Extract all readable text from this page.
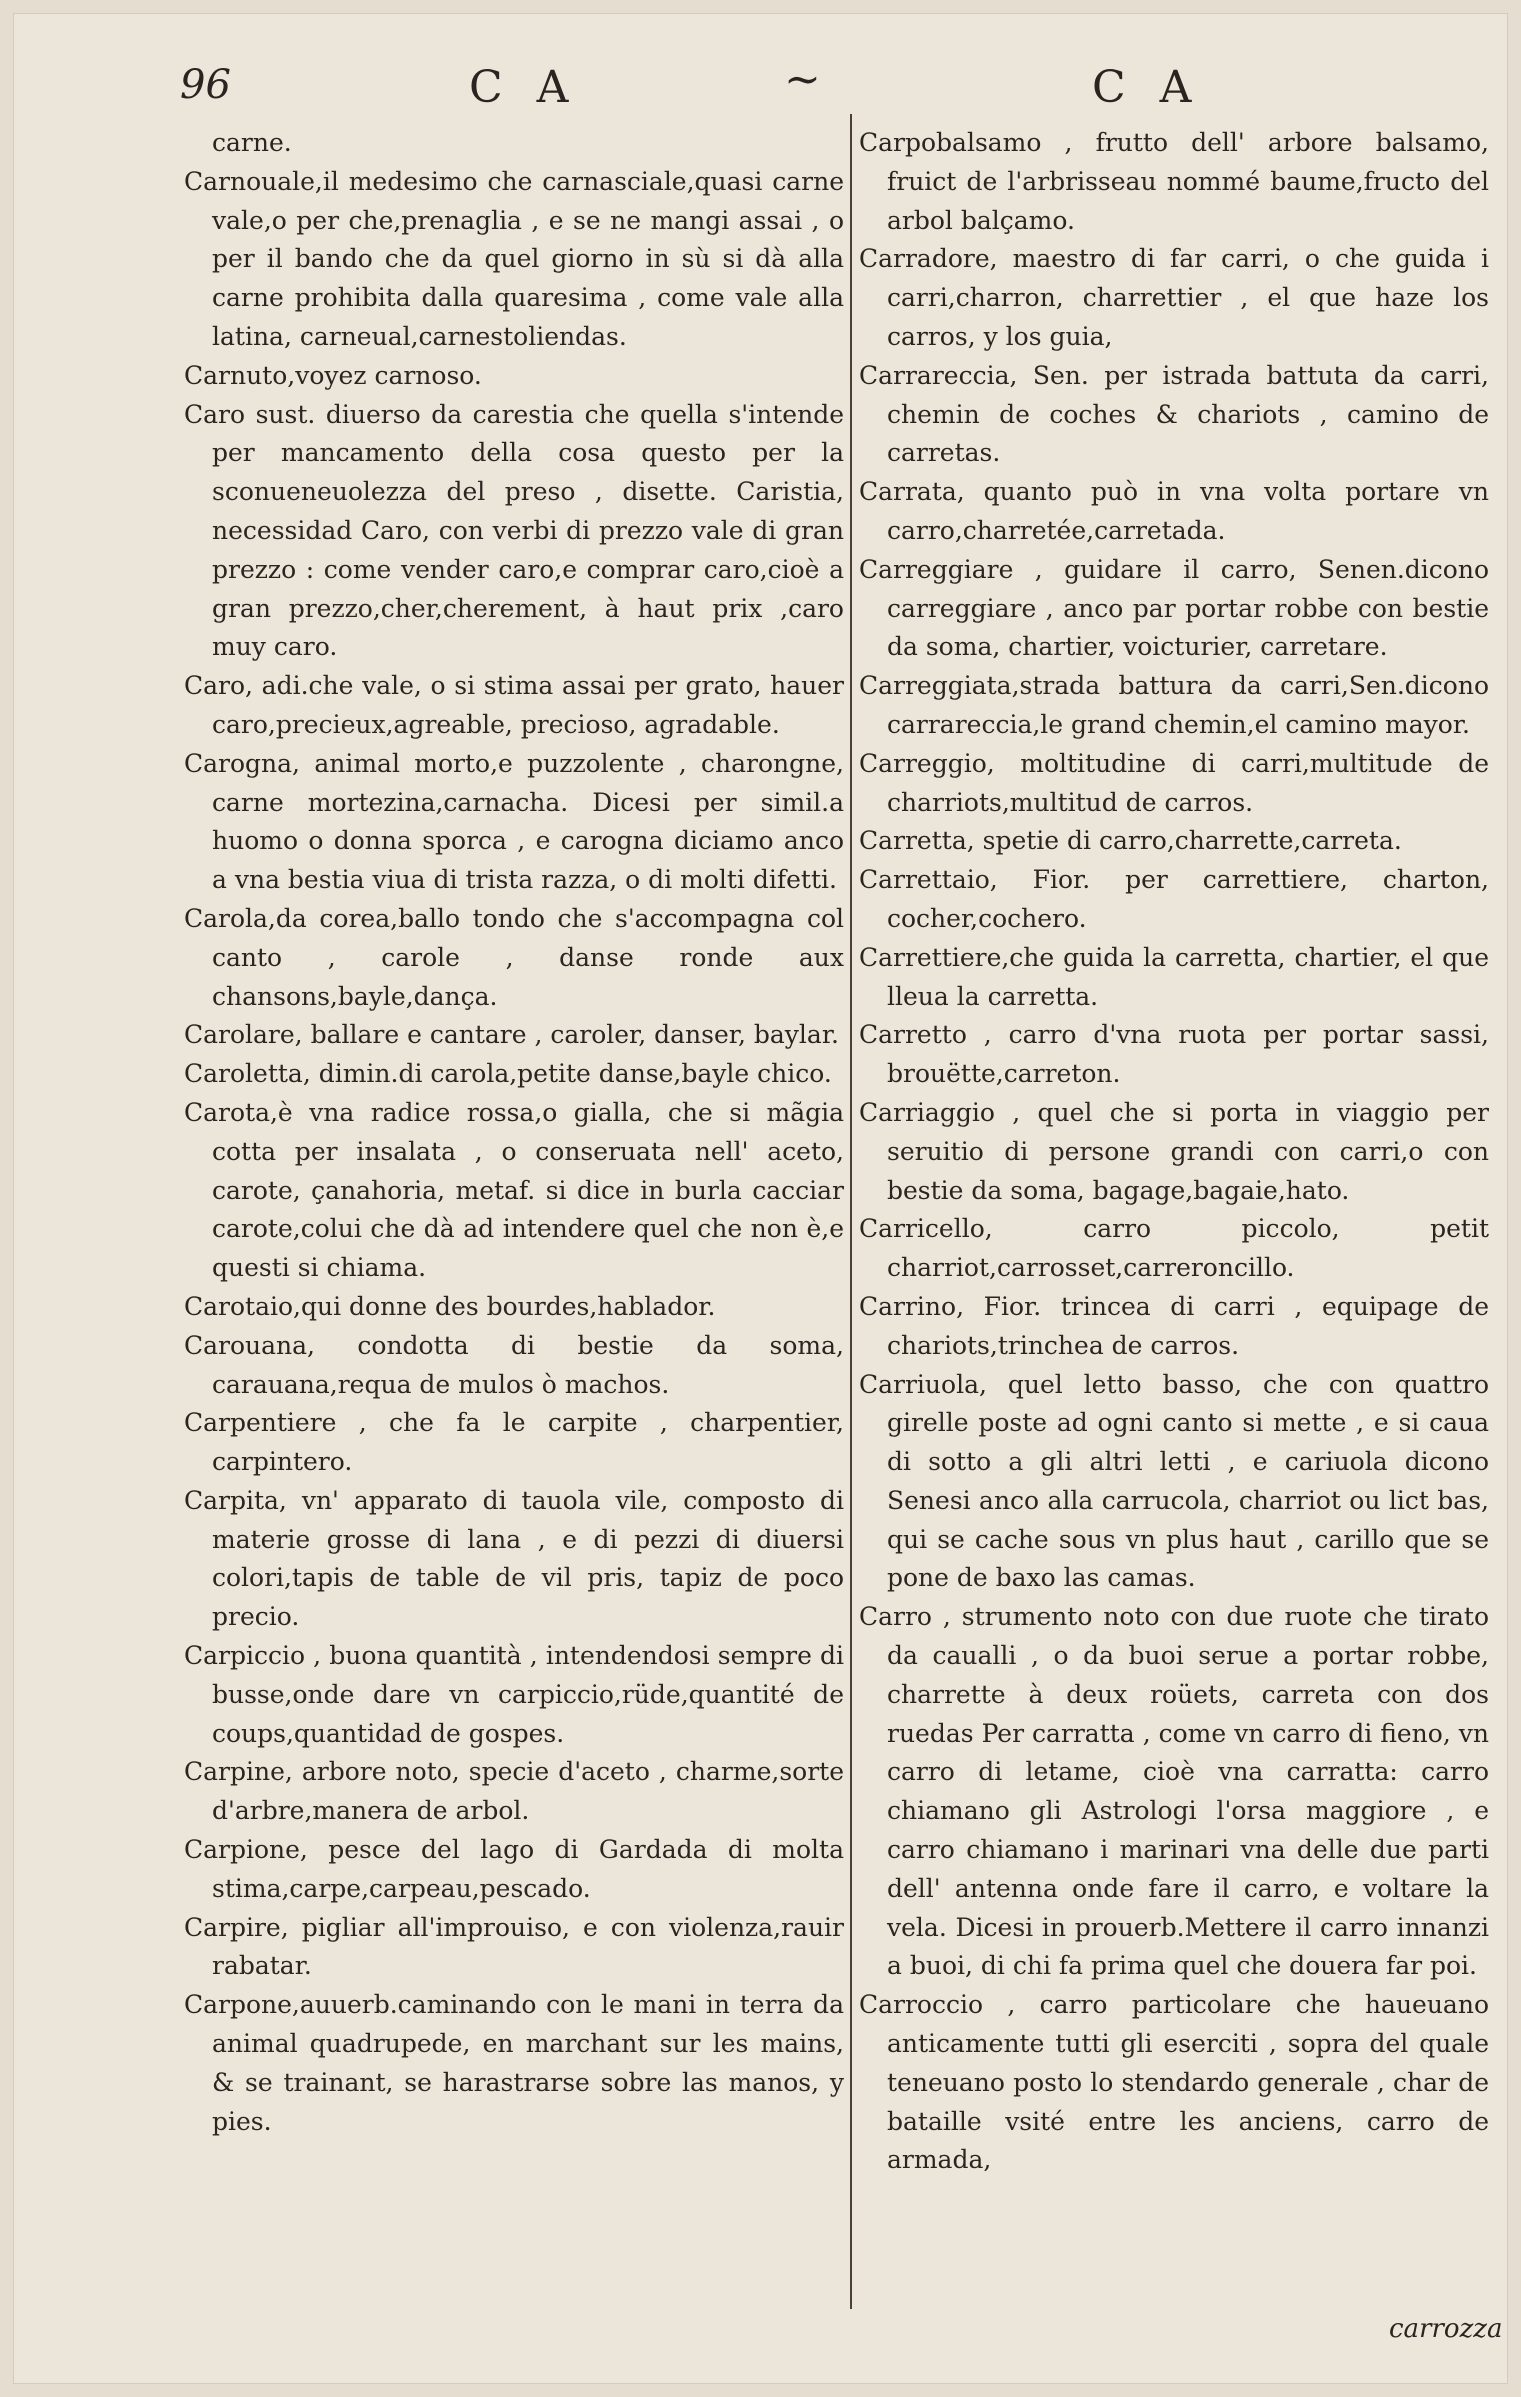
96	C A	~	C A
carne.
Carnouale,il medesimo che carnasciale,quasi carne vale,o per che,prenaglia , e se ne mangi assai , o per il bando che da quel giorno in sù si dà alla carne prohibita dalla quaresima , come vale alla latina, carneual,carnestoliendas.
Carnuto,voyez carnoso.
Caro sust. diuerso da carestia che quella s'intende per mancamento della cosa questo per la sconueneuolezza del preso , disette. Caristia, necessidad Caro, con verbi di prezzo vale di gran prezzo : come vender caro,e comprar caro,cioè a gran prezzo,cher,cherement, à haut prix ,caro muy caro.
Caro, adi.che vale, o si stima assai per grato, hauer caro,precieux,agreable, precioso, agradable.
Carogna, animal morto,e puzzolente , charongne, carne mortezina,carnacha. Dicesi per simil.a huomo o donna sporca , e carogna diciamo anco a vna bestia viua di trista razza, o di molti difetti.
Carola,da corea,ballo tondo che s'accompagna col canto , carole , danse ronde aux chansons,bayle,dança.
Carolare, ballare e cantare , caroler, danser, baylar.
Caroletta, dimin.di carola,petite danse,bayle chico.
Carota,è vna radice rossa,o gialla, che si mãgia cotta per insalata , o conseruata nell' aceto, carote, çanahoria, metaf. si dice in burla cacciar carote,colui che dà ad intendere quel che non è,e questi si chiama.
Carotaio,qui donne des bourdes,hablador.
Carouana, condotta di bestie da soma, carauana,requa de mulos ò machos.
Carpentiere , che fa le carpite , charpentier, carpintero.
Carpita, vn' apparato di tauola vile, composto di materie grosse di lana , e di pezzi di diuersi colori,tapis de table de vil pris, tapiz de poco precio.
Carpiccio , buona quantità , intendendosi sempre di busse,onde dare vn carpiccio,rüde,quantité de coups,quantidad de gospes.
Carpine, arbore noto, specie d'aceto , charme,sorte d'arbre,manera de arbol.
Carpione, pesce del lago di Gardada di molta stima,carpe,carpeau,pescado.
Carpire, pigliar all'improuiso, e con violenza,rauir rabatar.
Carpone,auuerb.caminando con le mani in terra da animal quadrupede, en marchant sur les mains, & se trainant, se harastrarse sobre las manos, y pies.
Carpobalsamo , frutto dell' arbore balsamo, fruict de l'arbrisseau nommé baume,fructo del arbol balçamo.
Carradore, maestro di far carri, o che guida i carri,charron, charrettier , el que haze los carros, y los guia,
Carrareccia, Sen. per istrada battuta da carri, chemin de coches & chariots , camino de carretas.
Carrata, quanto può in vna volta portare vn carro,charretée,carretada.
Carreggiare , guidare il carro, Senen.dicono carreggiare , anco par portar robbe con bestie da soma, chartier, voicturier, carretare.
Carreggiata,strada battura da carri,Sen.dicono carrareccia,le grand chemin,el camino mayor.
Carreggio, moltitudine di carri,multitude de charriots,multitud de carros.
Carretta, spetie di carro,charrette,carreta.
Carrettaio, Fior. per carrettiere, charton, cocher,cochero.
Carrettiere,che guida la carretta, chartier, el que lleua la carretta.
Carretto , carro d'vna ruota per portar sassi, brouëtte,carreton.
Carriaggio , quel che si porta in viaggio per seruitio di persone grandi con carri,o con bestie da soma, bagage,bagaie,hato.
Carricello, carro piccolo, petit charriot,carrosset,carreroncillo.
Carrino, Fior. trincea di carri , equipage de chariots,trinchea de carros.
Carriuola, quel letto basso, che con quattro girelle poste ad ogni canto si mette , e si caua di sotto a gli altri letti , e cariuola dicono Senesi anco alla carrucola, charriot ou lict bas, qui se cache sous vn plus haut , carillo que se pone de baxo las camas.
Carro , strumento noto con due ruote che tirato da caualli , o da buoi serue a portar robbe, charrette à deux roüets, carreta con dos ruedas Per carratta , come vn carro di fieno, vn carro di letame, cioè vna carratta: carro chiamano gli Astrologi l'orsa maggiore , e carro chiamano i marinari vna delle due parti dell' antenna onde fare il carro, e voltare la vela. Dicesi in prouerb.Mettere il carro innanzi a buoi, di chi fa prima quel che douera far poi.
Carroccio , carro particolare che haueuano anticamente tutti gli eserciti , sopra del quale teneuano posto lo stendardo generale , char de bataille vsité entre les anciens, carro de armada,
carrozza
